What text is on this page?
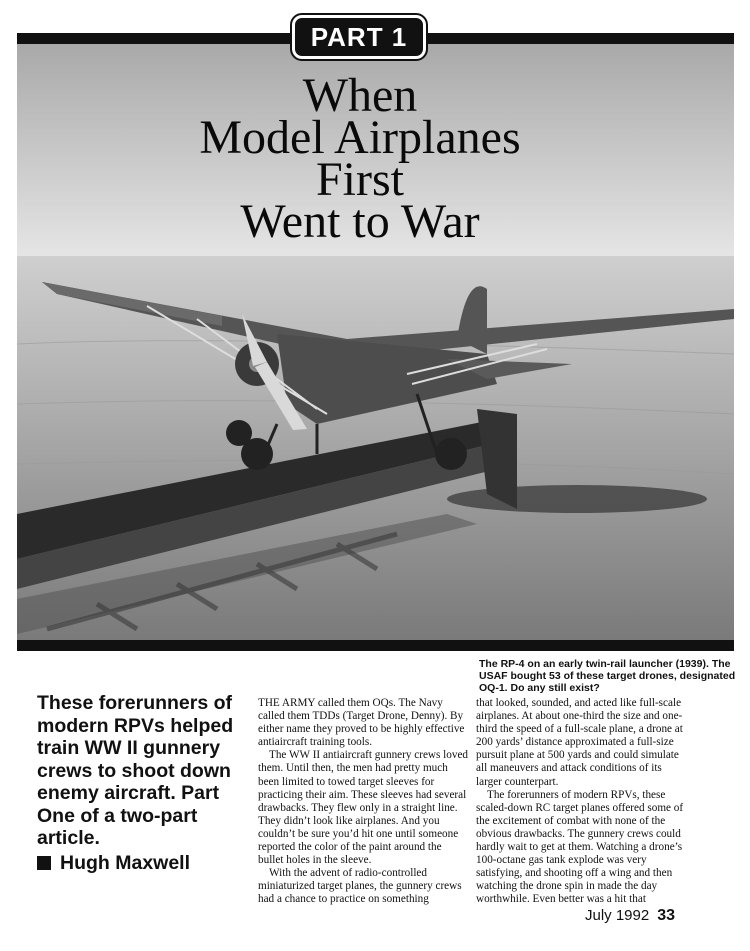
PART 1
When
Model Airplanes
First
Went to War
The RP-4 on an early twin-rail launcher (1939). The USAF bought 53 of these target drones, designated OQ-1. Do any still exist?
These forerunners of modern RPVs helped train WW II gunnery crews to shoot down enemy aircraft. Part One of a two-part article.
Hugh Maxwell

THE ARMY called them OQs. The Navy called them TDDs (Target Drone, Denny). By either name they proved to be highly effective antiaircraft training tools.

The WW II antiaircraft gunnery crews loved them. Until then, the men had pretty much been limited to towed target sleeves for practicing their aim. These sleeves had several drawbacks. They flew only in a straight line. They didn’t look like airplanes. And you couldn’t be sure you’d hit one until someone reported the color of the paint around the bullet holes in the sleeve.

With the advent of radio-controlled miniaturized target planes, the gunnery crews had a chance to practice on something

that looked, sounded, and acted like full-scale airplanes. At about one-third the size and one-third the speed of a full-scale plane, a drone at 200 yards’ distance approximated a full-size pursuit plane at 500 yards and could simulate all maneuvers and attack conditions of its larger counterpart.

The forerunners of modern RPVs, these scaled-down RC target planes offered some of the excitement of combat with none of the obvious drawbacks. The gunnery crews could hardly wait to get at them. Watching a drone’s 100-octane gas tank explode was very satisfying, and shooting off a wing and then watching the drone spin in made the day worthwhile. Even better was a hit that

July 1992 33
